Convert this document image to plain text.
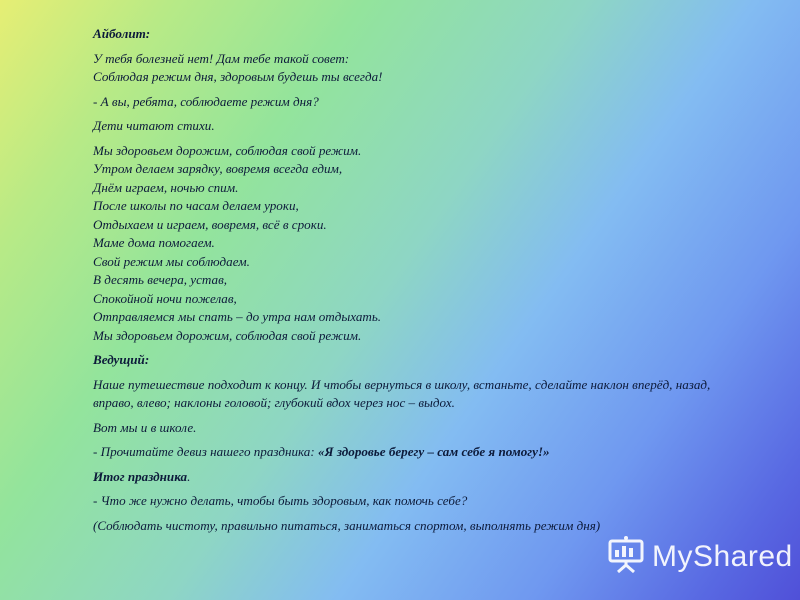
Айболит:
У тебя болезней нет! Дам тебе такой совет:
Соблюдая режим дня, здоровым будешь ты всегда!
- А вы, ребята, соблюдаете режим дня?
Дети читают стихи.
Мы здоровьем дорожим, соблюдая свой режим.
Утром делаем зарядку, вовремя всегда едим,
Днём играем, ночью спим.
После школы по часам делаем уроки,
Отдыхаем и играем, вовремя, всё в сроки.
Маме дома помогаем.
Свой режим мы соблюдаем.
В десять вечера, устав,
Спокойной ночи пожелав,
Отправляемся мы спать – до утра нам отдыхать.
Мы здоровьем дорожим, соблюдая свой режим.
Ведущий:
Наше путешествие подходит к концу. И чтобы вернуться в школу, встаньте, сделайте наклон вперёд, назад, вправо, влево; наклоны головой; глубокий вдох через нос – выдох.
Вот мы и в школе.
- Прочитайте девиз нашего праздника: «Я здоровье берегу – сам себе я помогу!»
Итог праздника.
- Что же нужно делать, чтобы быть здоровым, как помочь себе?
(Соблюдать чистоту, правильно питаться, заниматься спортом, выполнять режим дня)
MyShared
